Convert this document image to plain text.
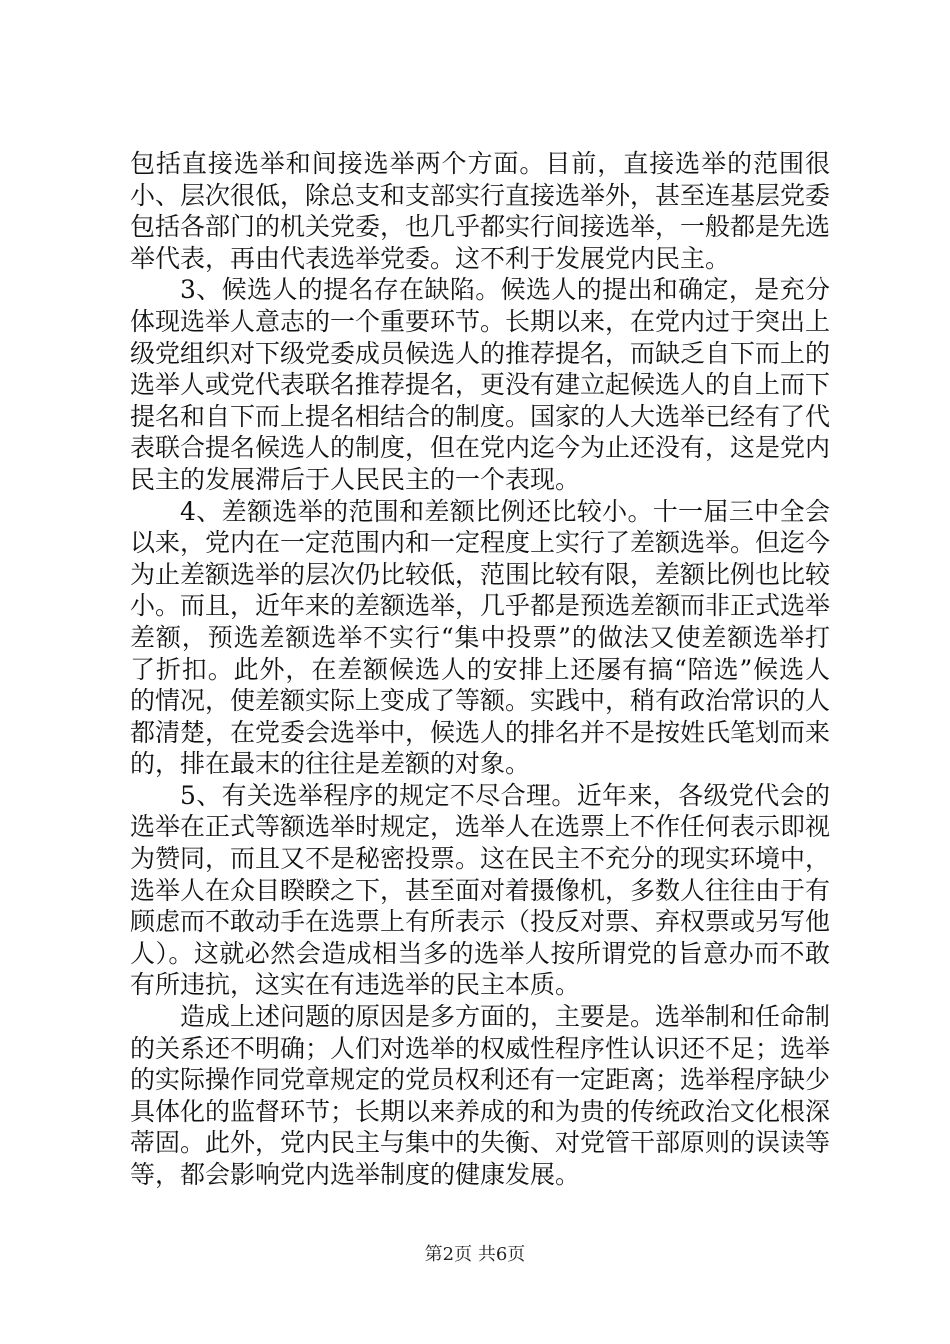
包括直接选举和间接选举两个方面。目前，直接选举的范围很小、层次很低，除总支和支部实行直接选举外，甚至连基层党委包括各部门的机关党委，也几乎都实行间接选举，一般都是先选举代表，再由代表选举党委。这不利于发展党内民主。

3、候选人的提名存在缺陷。候选人的提出和确定，是充分体现选举人意志的一个重要环节。长期以来，在党内过于突出上级党组织对下级党委成员候选人的推荐提名，而缺乏自下而上的选举人或党代表联名推荐提名，更没有建立起候选人的自上而下提名和自下而上提名相结合的制度。国家的人大选举已经有了代表联合提名候选人的制度，但在党内迄今为止还没有，这是党内民主的发展滞后于人民民主的一个表现。

4、差额选举的范围和差额比例还比较小。十一届三中全会以来，党内在一定范围内和一定程度上实行了差额选举。但迄今为止差额选举的层次仍比较低，范围比较有限，差额比例也比较小。而且，近年来的差额选举，几乎都是预选差额而非正式选举差额，预选差额选举不实行“集中投票”的做法又使差额选举打了折扣。此外，在差额候选人的安排上还屡有搞“陪选”候选人的情况，使差额实际上变成了等额。实践中，稍有政治常识的人都清楚，在党委会选举中，候选人的排名并不是按姓氏笔划而来的，排在最末的往往是差额的对象。

5、有关选举程序的规定不尽合理。近年来，各级党代会的选举在正式等额选举时规定，选举人在选票上不作任何表示即视为赞同，而且又不是秘密投票。这在民主不充分的现实环境中，选举人在众目睽睽之下，甚至面对着摄像机，多数人往往由于有顾虑而不敢动手在选票上有所表示（投反对票、弃权票或另写他人）。这就必然会造成相当多的选举人按所谓党的旨意办而不敢有所违抗，这实在有违选举的民主本质。

造成上述问题的原因是多方面的，主要是。选举制和任命制的关系还不明确；人们对选举的权威性程序性认识还不足；选举的实际操作同党章规定的党员权利还有一定距离；选举程序缺少具体化的监督环节；长期以来养成的和为贵的传统政治文化根深蒂固。此外，党内民主与集中的失衡、对党管干部原则的误读等等，都会影响党内选举制度的健康发展。

第2页 共6页
